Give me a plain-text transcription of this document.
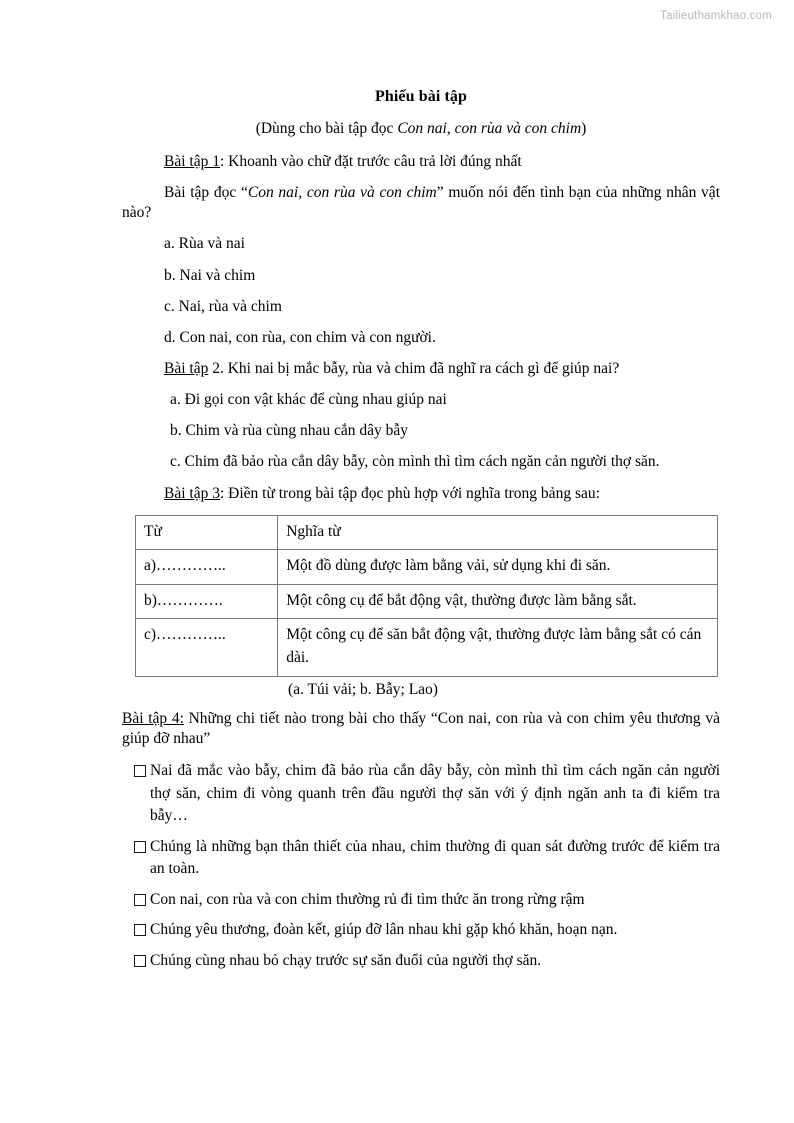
Tailieuthamkhao.com
Phiếu bài tập

(Dùng cho bài tập đọc Con nai, con rùa và con chim)

Bài tập 1: Khoanh vào chữ đặt trước câu trả lời đúng nhất

Bài tập đọc “Con nai, con rùa và con chim” muốn nói đến tình bạn của những nhân vật nào?

a. Rùa và nai

b. Nai và chim

c. Nai, rùa và chim

d. Con nai, con rùa, con chim và con người.

Bài tập 2. Khi nai bị mắc bẫy, rùa và chim đã nghĩ ra cách gì để giúp nai?

a. Đi gọi con vật khác để cùng nhau giúp nai

b. Chim và rùa cùng nhau cắn dây bẫy

c. Chim đã bảo rùa cắn dây bẫy, còn mình thì tìm cách ngăn cản người thợ săn.

Bài tập 3: Điền từ trong bài tập đọc phù hợp với nghĩa trong bảng sau:

Từ	Nghĩa từ
a)…………..	Một đồ dùng được làm bằng vải, sử dụng khi đi săn.
b)………….	Một công cụ để bắt động vật, thường được làm bằng sắt.
c)…………..	Một công cụ để săn bắt động vật, thường được làm bằng sắt có cán dài.

(a. Túi vải; b. Bẫy; Lao)

Bài tập 4: Những chi tiết nào trong bài cho thấy “Con nai, con rùa và con chim yêu thương và giúp đỡ nhau”

Nai đã mắc vào bẫy, chim đã bảo rùa cắn dây bẫy, còn mình thì tìm cách ngăn cản người thợ săn, chim đi vòng quanh trên đầu người thợ săn với ý định ngăn anh ta đi kiểm tra bẫy…
Chúng là những bạn thân thiết của nhau, chim thường đi quan sát đường trước để kiểm tra an toàn.
Con nai, con rùa và con chim thường rủ đi tìm thức ăn trong rừng rậm
Chúng yêu thương, đoàn kết, giúp đỡ lân nhau khi gặp khó khăn, hoạn nạn.
Chúng cùng nhau bỏ chạy trước sự săn đuổi của người thợ săn.
